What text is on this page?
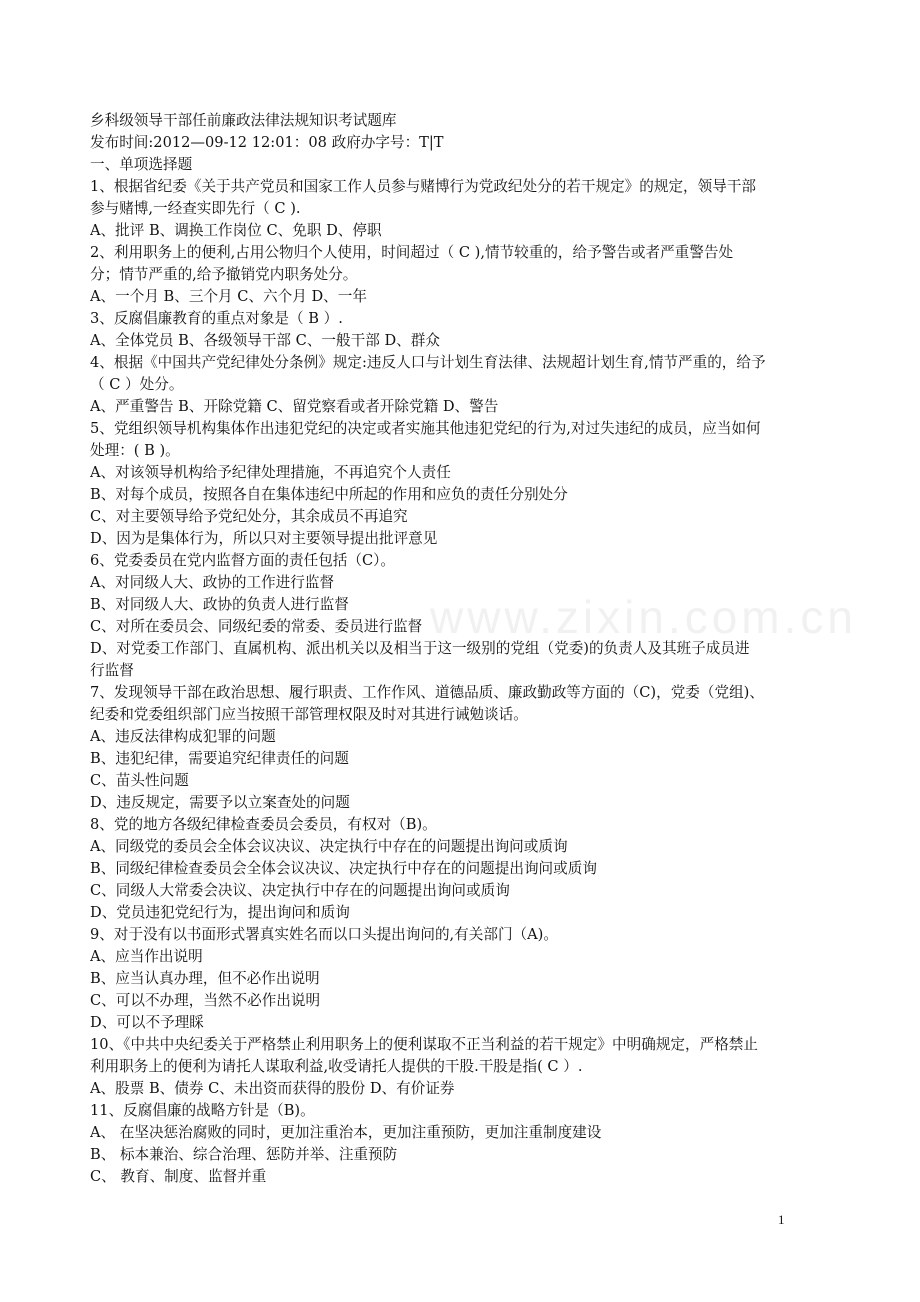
www.zixin.com.cn
乡科级领导干部任前廉政法律法规知识考试题库
发布时间:2012—09-12 12:01：08 政府办字号：T|T
一、单项选择题
1、根据省纪委《关于共产党员和国家工作人员参与赌博行为党政纪处分的若干规定》的规定，领导干部
参与赌博,一经查实即先行（ C ).
A、批评 B、调换工作岗位 C、免职 D、停职
2、利用职务上的便利,占用公物归个人使用，时间超过（ C ),情节较重的，给予警告或者严重警告处
分；情节严重的,给予撤销党内职务处分。
A、一个月 B、三个月 C、六个月 D、一年
3、反腐倡廉教育的重点对象是（ B ）.
A、全体党员 B、各级领导干部 C、一般干部 D、群众
4、根据《中国共产党纪律处分条例》规定:违反人口与计划生育法律、法规超计划生育,情节严重的，给予
（ C ）处分。
A、严重警告 B、开除党籍 C、留党察看或者开除党籍 D、警告
5、党组织领导机构集体作出违犯党纪的决定或者实施其他违犯党纪的行为,对过失违纪的成员，应当如何
处理：( B )。
A、对该领导机构给予纪律处理措施，不再追究个人责任
B、对每个成员，按照各自在集体违纪中所起的作用和应负的责任分别处分
C、对主要领导给予党纪处分，其余成员不再追究
D、因为是集体行为，所以只对主要领导提出批评意见
6、党委委员在党内监督方面的责任包括（C）。
A、对同级人大、政协的工作进行监督
B、对同级人大、政协的负责人进行监督
C、对所在委员会、同级纪委的常委、委员进行监督
D、对党委工作部门、直属机构、派出机关以及相当于这一级别的党组（党委)的负责人及其班子成员进
行监督
7、发现领导干部在政治思想、履行职责、工作作风、道德品质、廉政勤政等方面的（C)，党委（党组)、
纪委和党委组织部门应当按照干部管理权限及时对其进行诫勉谈话。
A、违反法律构成犯罪的问题
B、违犯纪律，需要追究纪律责任的问题
C、苗头性问题
D、违反规定，需要予以立案查处的问题
8、党的地方各级纪律检查委员会委员，有权对（B)。
A、同级党的委员会全体会议决议、决定执行中存在的问题提出询问或质询
B、同级纪律检查委员会全体会议决议、决定执行中存在的问题提出询问或质询
C、同级人大常委会决议、决定执行中存在的问题提出询问或质询
D、党员违犯党纪行为，提出询问和质询
9、对于没有以书面形式署真实姓名而以口头提出询问的,有关部门（A)。
A、应当作出说明
B、应当认真办理，但不必作出说明
C、可以不办理，当然不必作出说明
D、可以不予理睬
10、《中共中央纪委关于严格禁止利用职务上的便利谋取不正当利益的若干规定》中明确规定，严格禁止
利用职务上的便利为请托人谋取利益,收受请托人提供的干股.干股是指( C ）.
A、股票 B、债券 C、未出资而获得的股份 D、有价证券
11、反腐倡廉的战略方针是（B)。
A、 在坚决惩治腐败的同时，更加注重治本，更加注重预防，更加注重制度建设
B、 标本兼治、综合治理、惩防并举、注重预防
C、 教育、制度、监督并重
1
